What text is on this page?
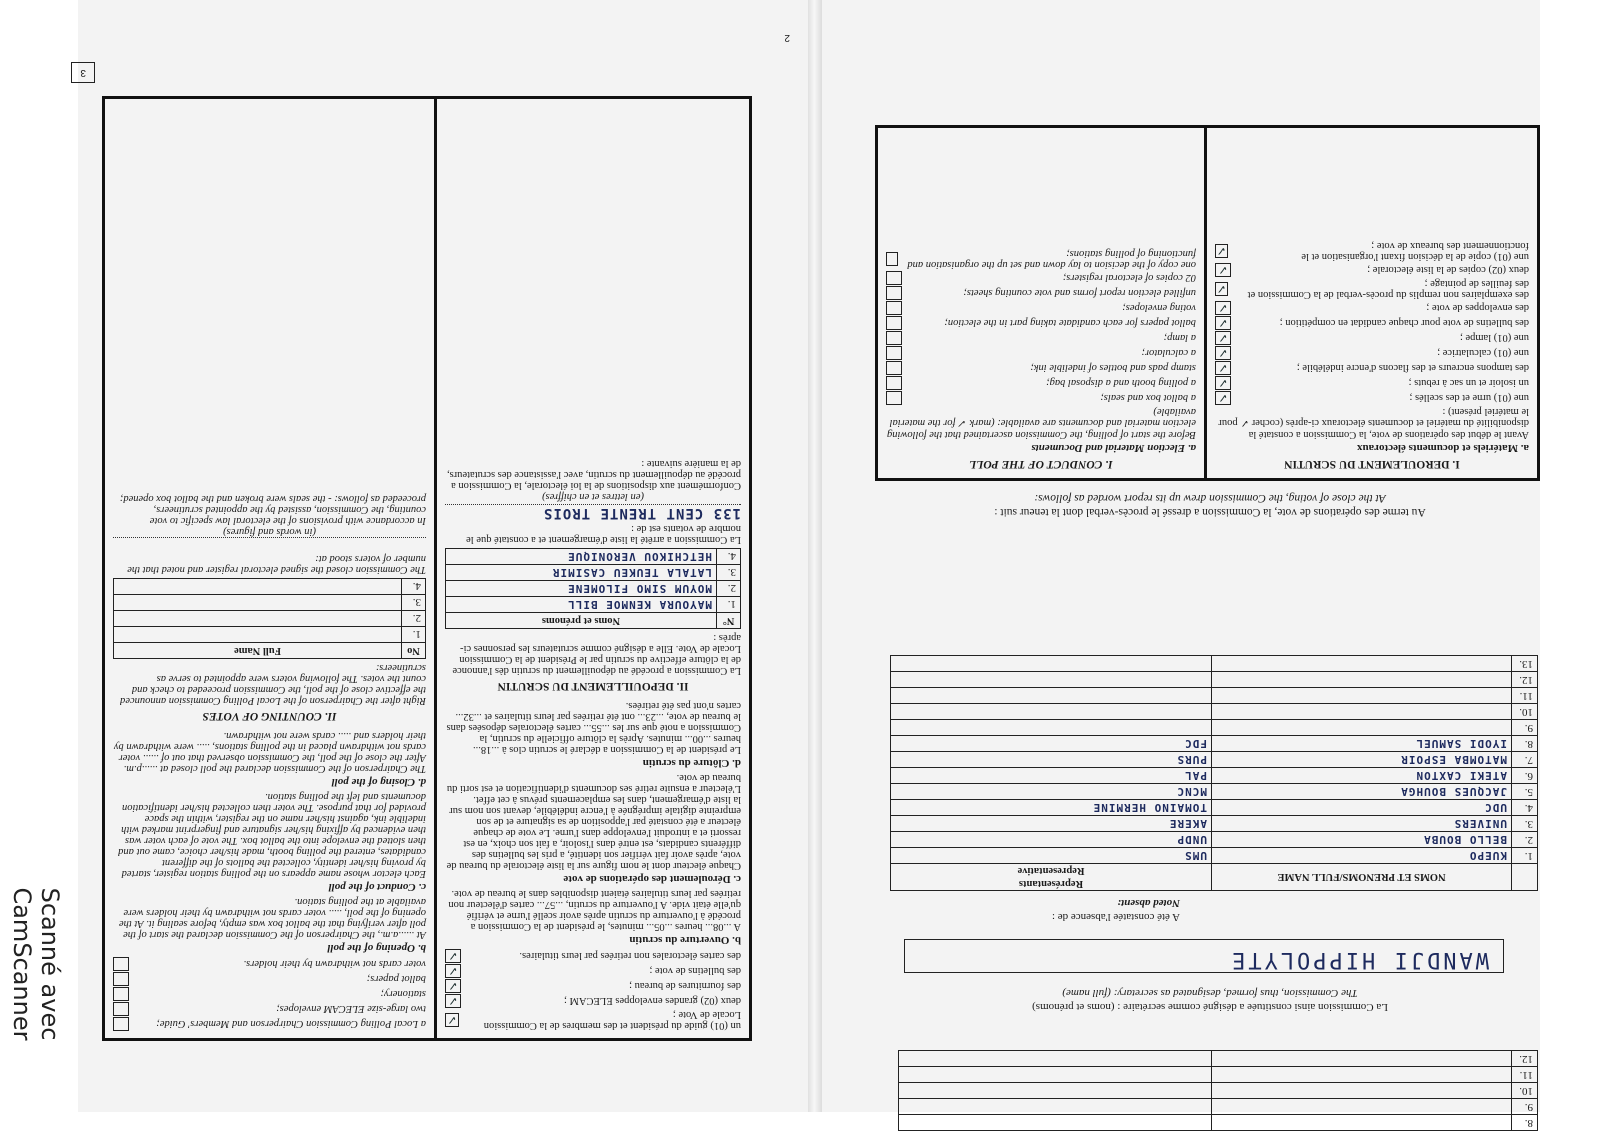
2
8.		
9.		
10.		
11.		
12.		
La Commission ainsi constituée a désigné comme secrétaire : (noms et prénoms)
The Commission, thus formed, designated as secretary: (full name)
WANDJI HIPPOLYTE
A été constatée l'absence de :
Noted absent:
	NOMS ET PRENOMS/FULL NAME	Représentants
Representative
1.	KUEPO	UMS
2.	BELLO BOUBA	UNDP
3.	UNIVERS	AKERE
4.	UDC	TOMAINO HERMINE
5.	JACQUES BOUHGA	MCNC
6.	ATEKI CAXTON	PAL
7.	MATOMBA ESPOIR	PURS
8.	IYODI SAMUEL	FDC
9.		
10.		
11.		
12.		
13.		
Au terme des opérations de vote, la Commission a dressé le procès-verbal dont la teneur suit :
At the close of voting, the Commission drew up its report worded as follows:
I. DEROULEMENT DU SCRUTIN
a. Matériels et documents électoraux
Avant le début des opérations de vote, la Commission a constaté la disponibilité du matériel et documents électoraux ci-après (cocher ✓ pour le matériel présent) :
une (01) urne et des scellés ;
✓
un isoloir et un sac à rebuts ;
✓
des tampons encreurs et des flacons d'encre indélébile ;
✓
une (01) calculatrice ;
✓
une (01) lampe ;
✓
des bulletins de vote pour chaque candidat en compétition ;
✓
des enveloppes de vote ;
✓
des exemplaires non remplis du procès-verbal de la Commission et des feuilles de pointage ;
✓
deux (02) copies de la liste électorale ;
✓
une (01) copie de la décision fixant l'organisation et le fonctionnement des bureaux de vote ;
✓
I. CONDUCT OF THE POLL
a. Election Material and Documents
Before the start of polling, the Commission ascertained that the following election material and documents are available: (mark ✓ for the material available)
a ballot box and seals;
a polling booth and a disposal bag;
stamp pads and bottles of indelible ink;
a calculator;
a lamp;
ballot papers for each candidate taking part in the election;
voting envelopes;
unfilled election report forms and vote counting sheets;
02 copies of electoral registers;
one copy of the decision to lay down and set up the organisation and functioning of polling stations;
3
un (01) guide du président et des membres de la Commission Locale de Vote ;
✓
deux (02) grandes enveloppes ELECAM ;
✓
des fournitures de bureau ;
✓
des bulletins de vote ;
✓
des cartes électorales non retirées par leurs titulaires.
✓
b. Ouverture du scrutin
A ...08... heures ...05... minutes, le président de la Commission a procédé à l'ouverture du scrutin après avoir scellé l'urne et vérifié qu'elle était vide. A l'ouverture du scrutin, ...57... cartes d'électeur non retirées par leurs titulaires étaient disponibles dans le bureau de vote.
c. Déroulement des opérations de vote
Chaque électeur dont le nom figure sur la liste électorale du bureau de vote, après avoir fait vérifier son identité, a pris les bulletins des différents candidats, est entré dans l'isoloir, a fait son choix, en est ressorti et a introduit l'enveloppe dans l'urne. Le vote de chaque électeur a été constaté par l'apposition de sa signature et de son empreinte digitale imprégnée à l'encre indélébile, devant son nom sur la liste d'émargement, dans les emplacements prévus à cet effet. L'électeur a ensuite retiré ses documents d'identification et est sorti du bureau de vote.
d. Clôture du scrutin
Le président de la Commission a déclaré le scrutin clos à ...18... heures ...00... minutes. Après la clôture officielle du scrutin, la Commission a noté que sur les ...55... cartes électorales déposées dans le bureau de vote, ...23... ont été retirées par leurs titulaires et ...32... cartes n'ont pas été retirées.
II. DEPOUILLEMENT DU SCRUTIN
La Commission a procédé au dépouillement du scrutin dès l'annonce de la clôture effective du scrutin par le Président de la Commission Locale de Vote. Elle a désigné comme scrutateurs les personnes ci-après :
N°	Noms et prénoms
1.	MAYOURA KENMOE BILL
2.	MOYUM SIMO FILOMENE
3.	LATALA TEUKEU CASIMIR
4.	HETCHIKOU VERONIQUE
La Commission a arrêté la liste d'émargement et a constaté que le nombre de votants est de :
133 CENT TRENTE TROIS
(en lettres et en chiffres)
Conformément aux dispositions de la loi électorale, la Commission a procédé au dépouillement du scrutin, avec l'assistance des scrutateurs, de la manière suivante :
a Local Polling Commission Chairperson and Members' Guide;
two large-size ELECAM envelopes;
stationery;
ballot papers;
voter cards not withdrawn by their holders.
b. Opening of the poll
At ......a.m., the Chairperson of the Commission declared the start of the poll after verifying that the ballot box was empty, before sealing it. At the opening of the poll, ..... voter cards not withdrawn by their holders were available at the polling station.
c. Conduct of the poll
Each elector whose name appears on the polling station register, started by proving his/her identity, collected the ballots of the different candidates, entered the polling booth, made his/her choice, came out and then slotted the envelope into the ballot box. The vote of each voter was then evidenced by affixing his/her signature and fingerprint marked with indelible ink, against his/her name on the register, within the space provided for that purpose. The voter then collected his/her identification documents and left the polling station.
d. Closing of the poll
The Chairperson of the Commission declared the poll closed at ......p.m. After the close of the poll, the Commission observed that out of ...... voter cards not withdrawn placed in the polling stations, ..... were withdrawn by their holders and ..... cards were not withdrawn.
II. COUNTING OF VOTES
Right after the Chairperson of the Local Polling Commission announced the effective close of the poll, the Commission proceeded to check and count the votes. The following voters were appointed to serve as scrutineers:
No	Full Name
1.	
2.	
3.	
4.	
The Commission closed the signed electoral register and noted that the number of voters stood at:
(in words and figures)
In accordance with provisions of the electoral law specific to vote counting, the Commission, assisted by the appointed scrutineers, proceeded as follows: - the seals were broken and the ballot box opened;
Scanné avec CamScanner
